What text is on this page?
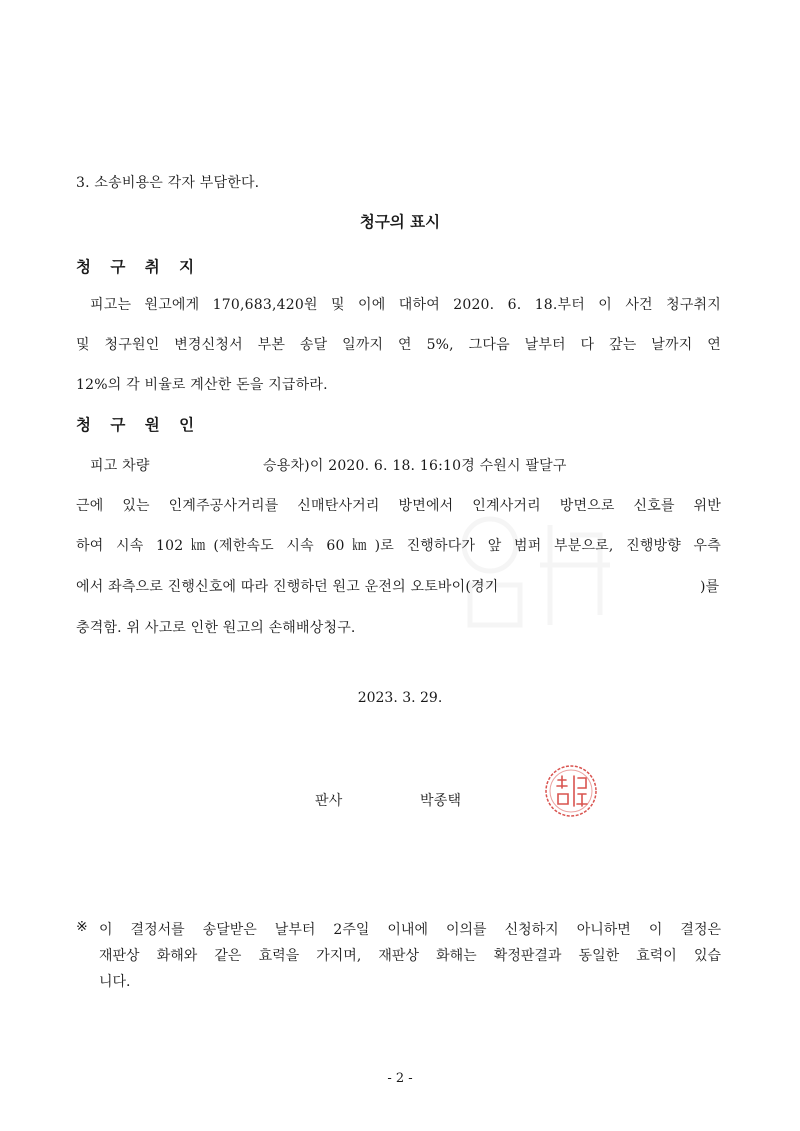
3. 소송비용은 각자 부담한다.
청구의 표시
청 구 취 지
피고는 원고에게 170,683,420원 및 이에 대하여 2020. 6. 18.부터 이 사건 청구취지
및 청구원인 변경신청서 부본 송달 일까지 연 5%, 그다음 날부터 다 갚는 날까지 연
12%의 각 비율로 계산한 돈을 지급하라.
청 구 원 인
피고 차량	승용차)이 2020. 6. 18. 16:10경 수원시 팔달구
근에 있는 인계주공사거리를 신매탄사거리 방면에서 인계사거리 방면으로 신호를 위반
하여 시속 102㎞(제한속도 시속 60㎞)로 진행하다가 앞 범퍼 부분으로, 진행방향 우측
에서 좌측으로 진행신호에 따라 진행하던 원고 운전의 오토바이(경기	)를
충격함. 위 사고로 인한 원고의 손해배상청구.
2023. 3. 29.
판사	박종택
※ 이 결정서를 송달받은 날부터 2주일 이내에 이의를 신청하지 아니하면 이 결정은
재판상 화해와 같은 효력을 가지며, 재판상 화해는 확정판결과 동일한 효력이 있습
니다.
- 2 -
